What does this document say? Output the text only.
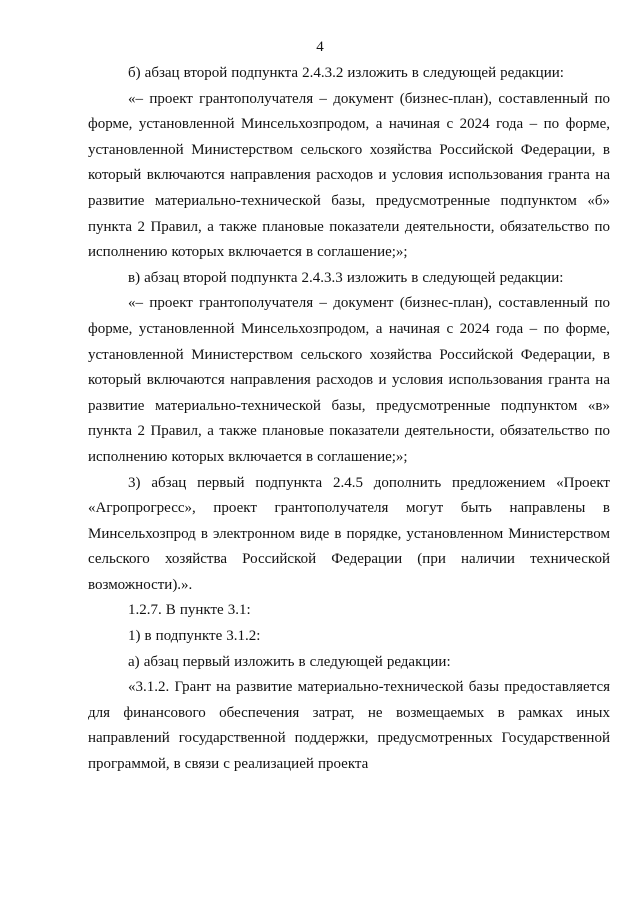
4

б) абзац второй подпункта 2.4.3.2 изложить в следующей редакции:

«– проект грантополучателя – документ (бизнес-план), составленный по форме, установленной Минсельхозпродом, а начиная с 2024 года – по форме, установленной Министерством сельского хозяйства Российской Федерации, в который включаются направления расходов и условия использования гранта на развитие материально-технической базы, предусмотренные подпунктом «б» пункта 2 Правил, а также плановые показатели деятельности, обязательство по исполнению которых включается в соглашение;»;

в) абзац второй подпункта 2.4.3.3 изложить в следующей редакции:

«– проект грантополучателя – документ (бизнес-план), составленный по форме, установленной Минсельхозпродом, а начиная с 2024 года – по форме, установленной Министерством сельского хозяйства Российской Федерации, в который включаются направления расходов и условия использования гранта на развитие материально-технической базы, предусмотренные подпунктом «в» пункта 2 Правил, а также плановые показатели деятельности, обязательство по исполнению которых включается в соглашение;»;

3) абзац первый подпункта 2.4.5 дополнить предложением «Проект «Агропрогресс», проект грантополучателя могут быть направлены в Минсельхозпрод в электронном виде в порядке, установленном Министерством сельского хозяйства Российской Федерации (при наличии технической возможности).».

1.2.7. В пункте 3.1:

1) в подпункте 3.1.2:

а) абзац первый изложить в следующей редакции:

«3.1.2. Грант на развитие материально-технической базы предоставляется для финансового обеспечения затрат, не возмещаемых в рамках иных направлений государственной поддержки, предусмотренных Государственной программой, в связи с реализацией проекта
